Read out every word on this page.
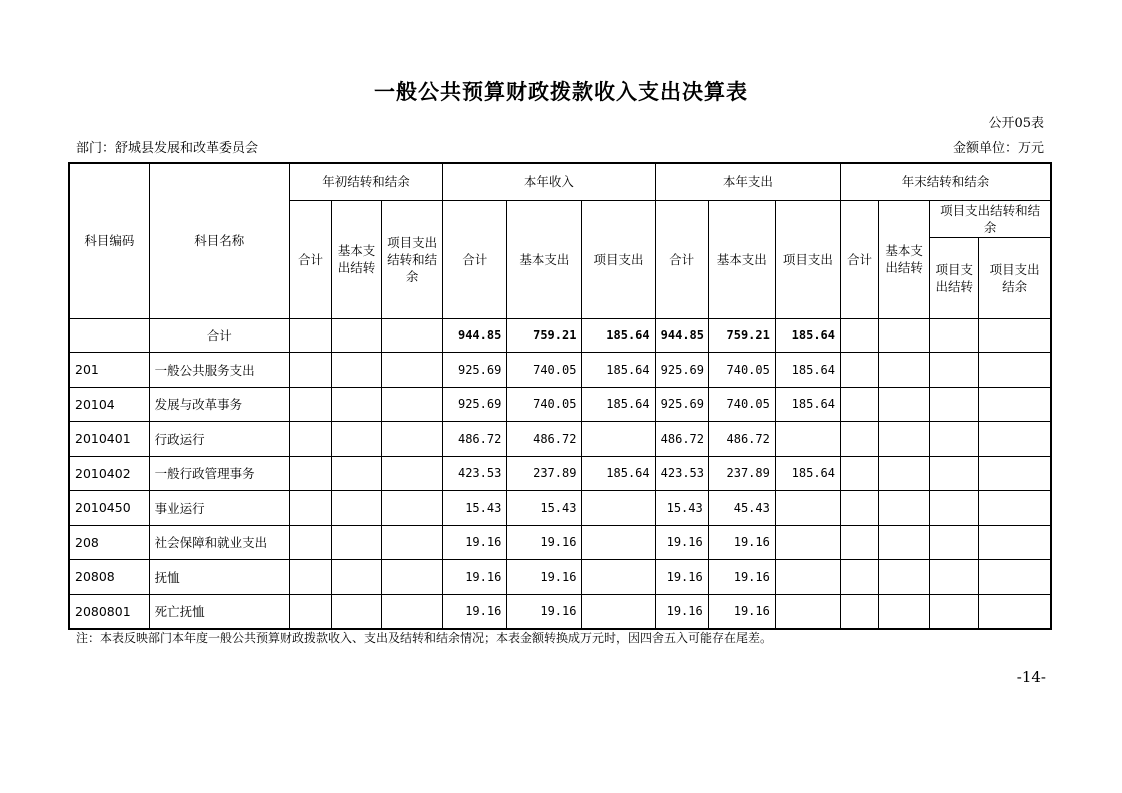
一般公共预算财政拨款收入支出决算表
公开05表
部门：舒城县发展和改革委员会	金额单位：万元
科目编码	科目名称	年初结转和结余			本年收入			本年支出			年末结转和结余			
		合计	基本支出结转	项目支出结转和结余	合计	基本支出	项目支出	合计	基本支出	项目支出	合计	基本支出结转	项目支出结转和结余	
													项目支出结转	项目支出结余
	合计				944.85	759.21	185.64	944.85	759.21	185.64				
201	一般公共服务支出				925.69	740.05	185.64	925.69	740.05	185.64				
20104	发展与改革事务				925.69	740.05	185.64	925.69	740.05	185.64				
2010401	行政运行				486.72	486.72		486.72	486.72					
2010402	一般行政管理事务				423.53	237.89	185.64	423.53	237.89	185.64				
2010450	事业运行				15.43	15.43		15.43	45.43					
208	社会保障和就业支出				19.16	19.16		19.16	19.16					
20808	抚恤				19.16	19.16		19.16	19.16					
2080801	死亡抚恤				19.16	19.16		19.16	19.16					
注：本表反映部门本年度一般公共预算财政拨款收入、支出及结转和结余情况；本表金额转换成万元时，因四舍五入可能存在尾差。
-14-
